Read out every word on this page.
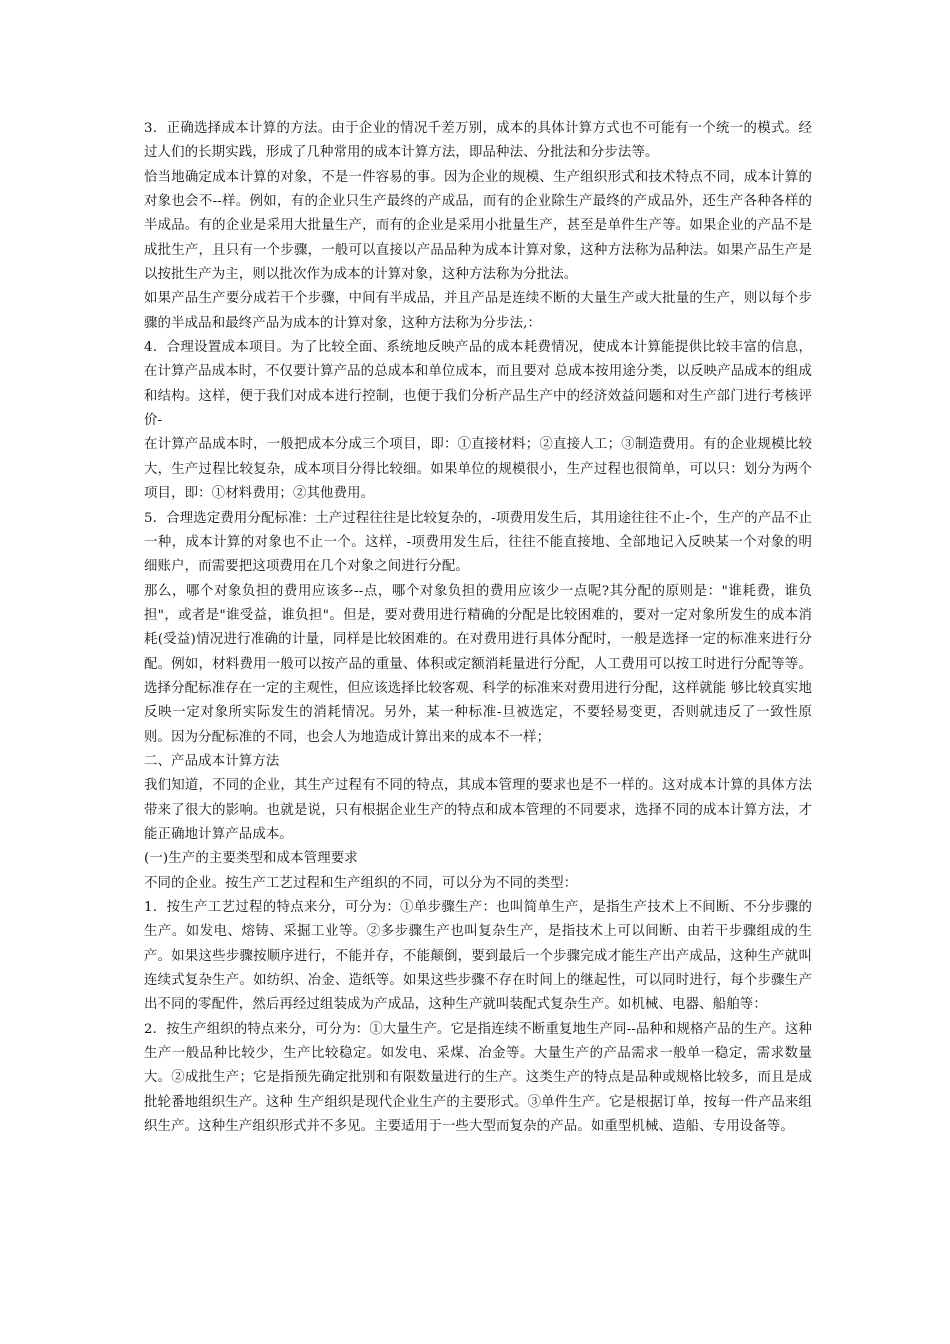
3．正确选择成本计算的方法。由于企业的情况千差万别，成本的具体计算方式也不可能有一个统一的模式。经过人们的长期实践，形成了几种常用的成本计算方法，即品种法、分批法和分步法等。

恰当地确定成本计算的对象，不是一件容易的事。因为企业的规模、生产组织形式和技术特点不同，成本计算的对象也会不--样。例如，有的企业只生产最终的产成品，而有的企业除生产最终的产成品外，还生产各种各样的半成品。有的企业是采用大批量生产，而有的企业是采用小批量生产，甚至是单件生产等。如果企业的产品不是成批生产，且只有一个步骤，一般可以直接以产品品种为成本计算对象，这种方法称为品种法。如果产品生产是以按批生产为主，则以批次作为成本的计算对象，这种方法称为分批法。

如果产品生产要分成若干个步骤，中间有半成品，并且产品是连续不断的大量生产或大批量的生产，则以每个步骤的半成品和最终产品为成本的计算对象，这种方法称为分步法,：

4．合理设置成本项目。为了比较全面、系统地反映产品的成本耗费情况，使成本计算能提供比较丰富的信息，在计算产品成本时，不仅要计算产品的总成本和单位成本，而且要对 总成本按用途分类，以反映产品成本的组成和结构。这样，便于我们对成本进行控制，也便于我们分析产品生产中的经济效益问题和对生产部门进行考核评价-

在计算产品成本时，一般把成本分成三个项目，即：①直接材料；②直接人工；③制造费用。有的企业规模比较大，生产过程比较复杂，成本项目分得比较细。如果单位的规模很小，生产过程也很简单，可以只：划分为两个项目，即：①材料费用；②其他费用。

5．合理选定费用分配标准：土产过程往往是比较复杂的，-项费用发生后，其用途往往不止-个，生产的产品不止一种，成本计算的对象也不止一个。这样，-项费用发生后，往往不能直接地、全部地记入反映某一个对象的明细账户，而需要把这项费用在几个对象之间进行分配。

那么，哪个对象负担的费用应该多--点，哪个对象负担的费用应该少一点呢?其分配的原则是："谁耗费，谁负担"，或者是"谁受益，谁负担"。但是，要对费用进行精确的分配是比较困难的，要对一定对象所发生的成本消耗(受益)情况进行准确的计量，同样是比较困难的。在对费用进行具体分配时，一般是选择一定的标准来进行分配。例如，材料费用一般可以按产品的重量、体积或定额消耗量进行分配，人工费用可以按工时进行分配等等。选择分配标准存在一定的主观性，但应该选择比较客观、科学的标准来对费用进行分配，这样就能 够比较真实地反映一定对象所实际发生的消耗情况。另外，某一种标准-旦被选定，不要轻易变更，否则就违反了一致性原则。因为分配标准的不同，也会人为地造成计算出来的成本不一样；

二、产品成本计算方法

我们知道，不同的企业，其生产过程有不同的特点，其成本管理的要求也是不一样的。这对成本计算的具体方法带来了很大的影响。也就是说，只有根据企业生产的特点和成本管理的不同要求，选择不同的成本计算方法，才能正确地计算产品成本。

(一)生产的主要类型和成本管理要求

不同的企业。按生产工艺过程和生产组织的不同，可以分为不同的类型：

1．按生产工艺过程的特点来分，可分为：①单步骤生产：也叫简单生产，是指生产技术上不间断、不分步骤的生产。如发电、熔铸、采掘工业等。②多步骤生产也叫复杂生产，是指技术上可以间断、由若干步骤组成的生产。如果这些步骤按顺序进行，不能并存，不能颠倒，要到最后一个步骤完成才能生产出产成品，这种生产就叫连续式复杂生产。如纺织、冶金、造纸等。如果这些步骤不存在时间上的继起性，可以同时进行，每个步骤生产出不同的零配件，然后再经过组装成为产成品，这种生产就叫装配式复杂生产。如机械、电器、船舶等：

2．按生产组织的特点来分，可分为：①大量生产。它是指连续不断重复地生产同--品种和规格产品的生产。这种生产一般品种比较少，生产比较稳定。如发电、采煤、冶金等。大量生产的产品需求一般单一稳定，需求数量大。②成批生产；它是指预先确定批别和有限数量进行的生产。这类生产的特点是品种或规格比较多，而且是成批轮番地组织生产。这种 生产组织是现代企业生产的主要形式。③单件生产。它是根据订单，按每一件产品来组织生产。这种生产组织形式并不多见。主要适用于一些大型而复杂的产品。如重型机械、造船、专用设备等。
